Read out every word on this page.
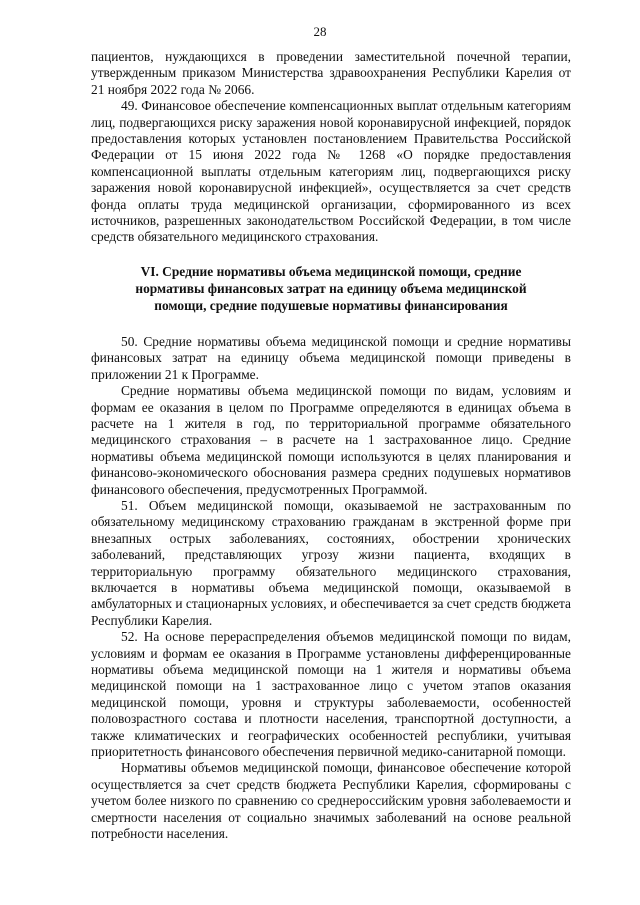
28

пациентов, нуждающихся в проведении заместительной почечной терапии, утвержденным приказом Министерства здравоохранения Республики Карелия от 21 ноября 2022 года № 2066.

49. Финансовое обеспечение компенсационных выплат отдельным категориям лиц, подвергающихся риску заражения новой коронавирусной инфекцией, порядок предоставления которых установлен постановлением Правительства Российской Федерации от 15 июня 2022 года № 1268 «О порядке предоставления компенсационной выплаты отдельным категориям лиц, подвергающихся риску заражения новой коронавирусной инфекцией», осуществляется за счет средств фонда оплаты труда медицинской организации, сформированного из всех источников, разрешенных законодательством Российской Федерации, в том числе средств обязательного медицинского страхования.

VI. Средние нормативы объема медицинской помощи, средние
нормативы финансовых затрат на единицу объема медицинской
помощи, средние подушевые нормативы финансирования

50. Средние нормативы объема медицинской помощи и средние нормативы финансовых затрат на единицу объема медицинской помощи приведены в приложении 21 к Программе.

Средние нормативы объема медицинской помощи по видам, условиям и формам ее оказания в целом по Программе определяются в единицах объема в расчете на 1 жителя в год, по территориальной программе обязательного медицинского страхования – в расчете на 1 застрахованное лицо. Средние нормативы объема медицинской помощи используются в целях планирования и финансово-экономического обоснования размера средних подушевых нормативов финансового обеспечения, предусмотренных Программой.

51. Объем медицинской помощи, оказываемой не застрахованным по обязательному медицинскому страхованию гражданам в экстренной форме при внезапных острых заболеваниях, состояниях, обострении хронических заболеваний, представляющих угрозу жизни пациента, входящих в территориальную программу обязательного медицинского страхования, включается в нормативы объема медицинской помощи, оказываемой в амбулаторных и стационарных условиях, и обеспечивается за счет средств бюджета Республики Карелия.

52. На основе перераспределения объемов медицинской помощи по видам, условиям и формам ее оказания в Программе установлены дифференцированные нормативы объема медицинской помощи на 1 жителя и нормативы объема медицинской помощи на 1 застрахованное лицо с учетом этапов оказания медицинской помощи, уровня и структуры заболеваемости, особенностей половозрастного состава и плотности населения, транспортной доступности, а также климатических и географических особенностей республики, учитывая приоритетность финансового обеспечения первичной медико-санитарной помощи.

Нормативы объемов медицинской помощи, финансовое обеспечение которой осуществляется за счет средств бюджета Республики Карелия, сформированы с учетом более низкого по сравнению со среднероссийским уровня заболеваемости и смертности населения от социально значимых заболеваний на основе реальной потребности населения.
